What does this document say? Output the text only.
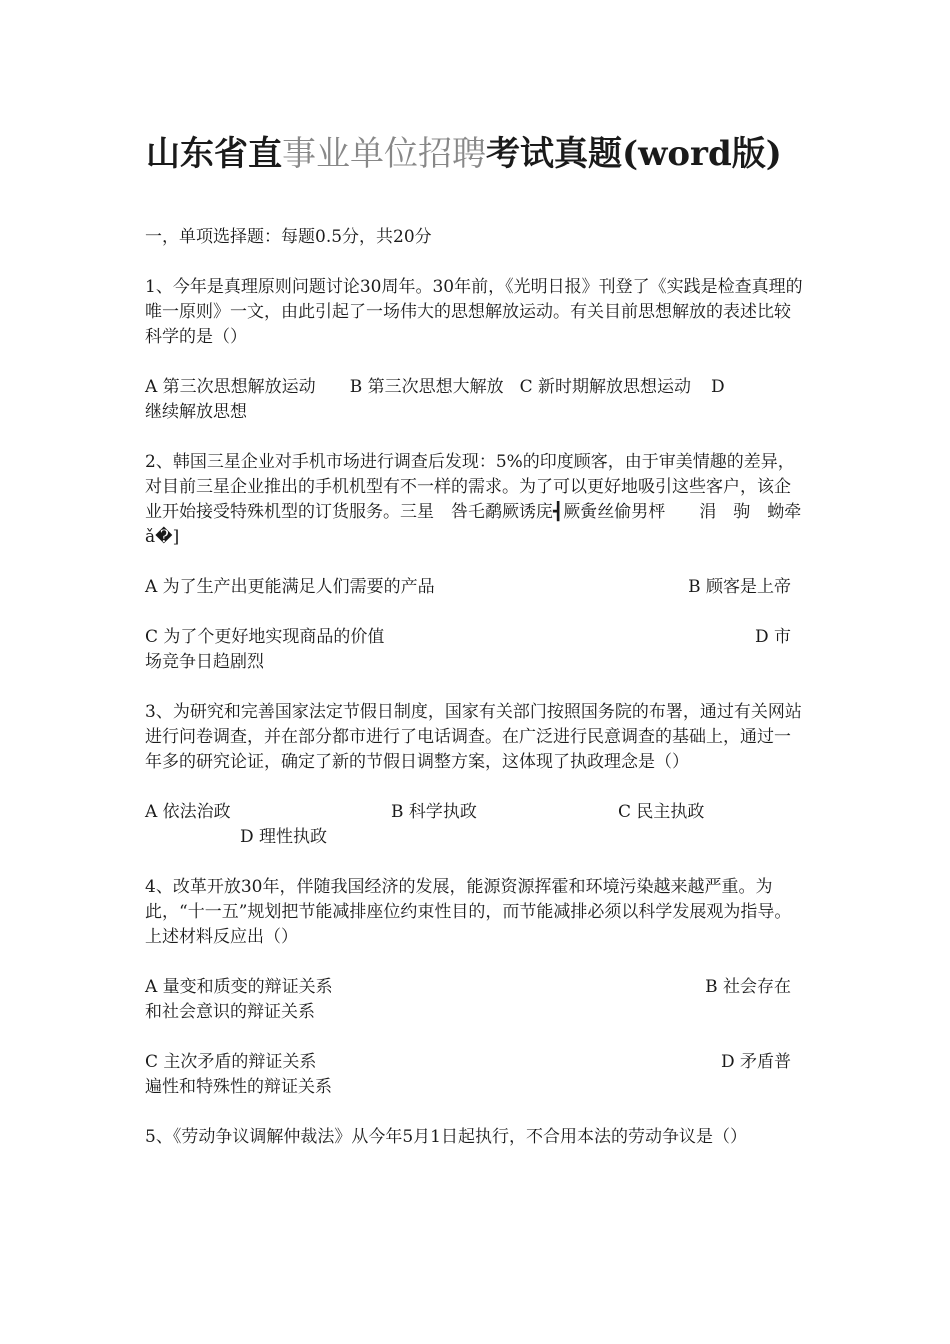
山东省直事业单位招聘考试真题(word版)

一，单项选择题：每题0.5分，共20分

1、今年是真理原则问题讨论30周年。30年前，《光明日报》刊登了《实践是检查真理的唯一原则》一文，由此引起了一场伟大的思想解放运动。有关目前思想解放的表述比较科学的是（）

A 第三次思想解放运动 B 第三次思想大解放 C 新时期解放思想运动 D
继续解放思想

2、韩国三星企业对手机市场进行调查后发现：5%的印度顾客，由于审美情趣的差异，对目前三星企业推出的手机机型有不一样的需求。为了可以更好地吸引这些客户，该企业开始接受特殊机型的订货服务。三星　咎乇鹬厥诱庑┫厥夤丝偷男枰　　涓　驹　蚴牵ǎ�]

A 为了生产出更能满足人们需要的产品	B 顾客是上帝
C 为了个更好地实现商品的价值	D 市
场竞争日趋剧烈

3、为研究和完善国家法定节假日制度，国家有关部门按照国务院的布署，通过有关网站进行问卷调查，并在部分都市进行了电话调查。在广泛进行民意调查的基础上，通过一年多的研究论证，确定了新的节假日调整方案，这体现了执政理念是（）

A 依法治政	B 科学执政	C 民主执政
D 理性执政

4、改革开放30年，伴随我国经济的发展，能源资源挥霍和环境污染越来越严重。为此，“十一五”规划把节能减排座位约束性目的，而节能减排必须以科学发展观为指导。上述材料反应出（）

A 量变和质变的辩证关系	B 社会存在
和社会意识的辩证关系
C 主次矛盾的辩证关系	D 矛盾普
遍性和特殊性的辩证关系

5、《劳动争议调解仲裁法》从今年5月1日起执行，不合用本法的劳动争议是（）
